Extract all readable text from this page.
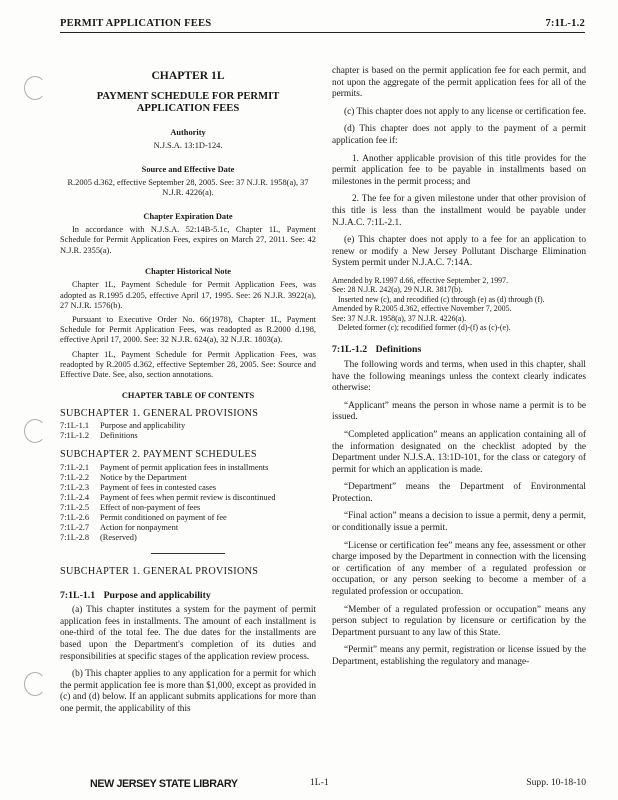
PERMIT APPLICATION FEES	7:1L-1.2
CHAPTER 1L
PAYMENT SCHEDULE FOR PERMIT APPLICATION FEES
Authority
N.J.S.A. 13:1D-124.
Source and Effective Date
R.2005 d.362, effective September 28, 2005. See: 37 N.J.R. 1958(a), 37 N.J.R. 4226(a).
Chapter Expiration Date

In accordance with N.J.S.A. 52:14B-5.1c, Chapter 1L, Payment Schedule for Permit Application Fees, expires on March 27, 2011. See: 42 N.J.R. 2355(a).

Chapter Historical Note

Chapter 1L, Payment Schedule for Permit Application Fees, was adopted as R.1995 d.205, effective April 17, 1995. See: 26 N.J.R. 3922(a), 27 N.J.R. 1576(b).

Pursuant to Executive Order No. 66(1978), Chapter 1L, Payment Schedule for Permit Application Fees, was readopted as R.2000 d.198, effective April 17, 2000. See: 32 N.J.R. 624(a), 32 N.J.R. 1803(a).

Chapter 1L, Payment Schedule for Permit Application Fees, was readopted by R.2005 d.362, effective September 28, 2005. See: Source and Effective Date. See, also, section annotations.

CHAPTER TABLE OF CONTENTS
SUBCHAPTER 1. GENERAL PROVISIONS
7:1L-1.1	Purpose and applicability
7:1L-1.2	Definitions
SUBCHAPTER 2. PAYMENT SCHEDULES
7:1L-2.1	Payment of permit application fees in installments
7:1L-2.2	Notice by the Department
7:1L-2.3	Payment of fees in contested cases
7:1L-2.4	Payment of fees when permit review is discontinued
7:1L-2.5	Effect of non-payment of fees
7:1L-2.6	Permit conditioned on payment of fee
7:1L-2.7	Action for nonpayment
7:1L-2.8	(Reserved)
SUBCHAPTER 1. GENERAL PROVISIONS
7:1L-1.1 Purpose and applicability

(a) This chapter institutes a system for the payment of permit application fees in installments. The amount of each installment is one-third of the total fee. The due dates for the installments are based upon the Department's completion of its duties and responsibilities at specific stages of the application review process.

(b) This chapter applies to any application for a permit for which the permit application fee is more than $1,000, except as provided in (c) and (d) below. If an applicant submits applications for more than one permit, the applicability of this

chapter is based on the permit application fee for each permit, and not upon the aggregate of the permit application fees for all of the permits.

(c) This chapter does not apply to any license or certification fee.

(d) This chapter does not apply to the payment of a permit application fee if:

1. Another applicable provision of this title provides for the permit application fee to be payable in installments based on milestones in the permit process; and

2. The fee for a given milestone under that other provision of this title is less than the installment would be payable under N.J.A.C. 7:1L-2.1.

(e) This chapter does not apply to a fee for an application to renew or modify a New Jersey Pollutant Discharge Elimination System permit under N.J.A.C. 7:14A.

Amended by R.1997 d.66, effective September 2, 1997.
See: 28 N.J.R. 242(a), 29 N.J.R. 3817(b).
Inserted new (c), and recodified (c) through (e) as (d) through (f).
Amended by R.2005 d.362, effective November 7, 2005.
See: 37 N.J.R. 1958(a), 37 N.J.R. 4226(a).
Deleted former (c); recodified former (d)-(f) as (c)-(e).
7:1L-1.2 Definitions

The following words and terms, when used in this chapter, shall have the following meanings unless the context clearly indicates otherwise:

“Applicant” means the person in whose name a permit is to be issued.

“Completed application” means an application containing all of the information designated on the checklist adopted by the Department under N.J.S.A. 13:1D-101, for the class or category of permit for which an application is made.

“Department” means the Department of Environmental Protection.

“Final action” means a decision to issue a permit, deny a permit, or conditionally issue a permit.

“License or certification fee” means any fee, assessment or other charge imposed by the Department in connection with the licensing or certification of any member of a regulated profession or occupation, or any person seeking to become a member of a regulated profession or occupation.

“Member of a regulated profession or occupation” means any person subject to regulation by licensure or certification by the Department pursuant to any law of this State.

“Permit” means any permit, registration or license issued by the Department, establishing the regulatory and manage-

NEW JERSEY STATE LIBRARY	1L-1	Supp. 10-18-10
